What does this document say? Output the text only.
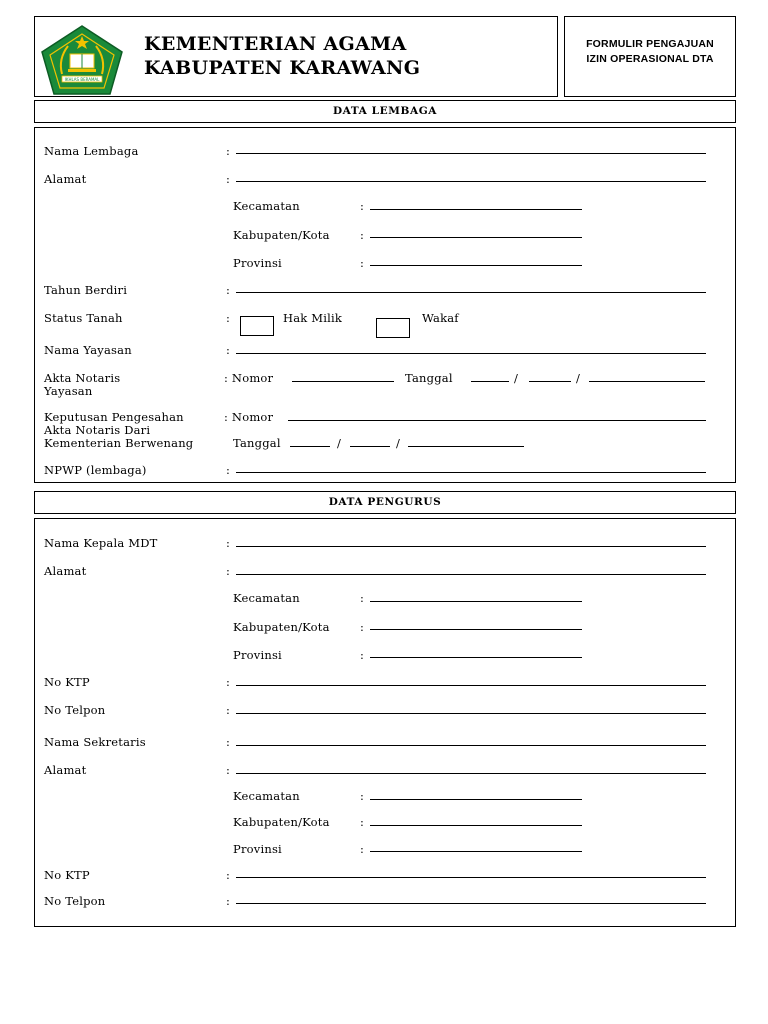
IKHLAS BERAMAL
KEMENTERIAN AGAMA
KABUPATEN KARAWANG
FORMULIR PENGAJUAN
IZIN OPERASIONAL DTA
DATA LEMBAGA
Nama Lembaga	:
Alamat	:
Kecamatan	:
Kabupaten/Kota	:
Provinsi	:
Tahun Berdiri	:
Status Tanah	:	Hak Milik	Wakaf
Nama Yayasan	:
Akta Notaris
Yayasan
: Nomor	Tanggal	/	/
Keputusan Pengesahan
Akta Notaris Dari
Kementerian Berwenang
: Nomor
Tanggal	/	/
NPWP (lembaga)	:
DATA PENGURUS
Nama Kepala MDT	:
Alamat	:
Kecamatan	:
Kabupaten/Kota	:
Provinsi	:
No KTP	:
No Telpon	:
Nama Sekretaris	:
Alamat	:
Kecamatan	:
Kabupaten/Kota	:
Provinsi	:
No KTP	:
No Telpon	:
